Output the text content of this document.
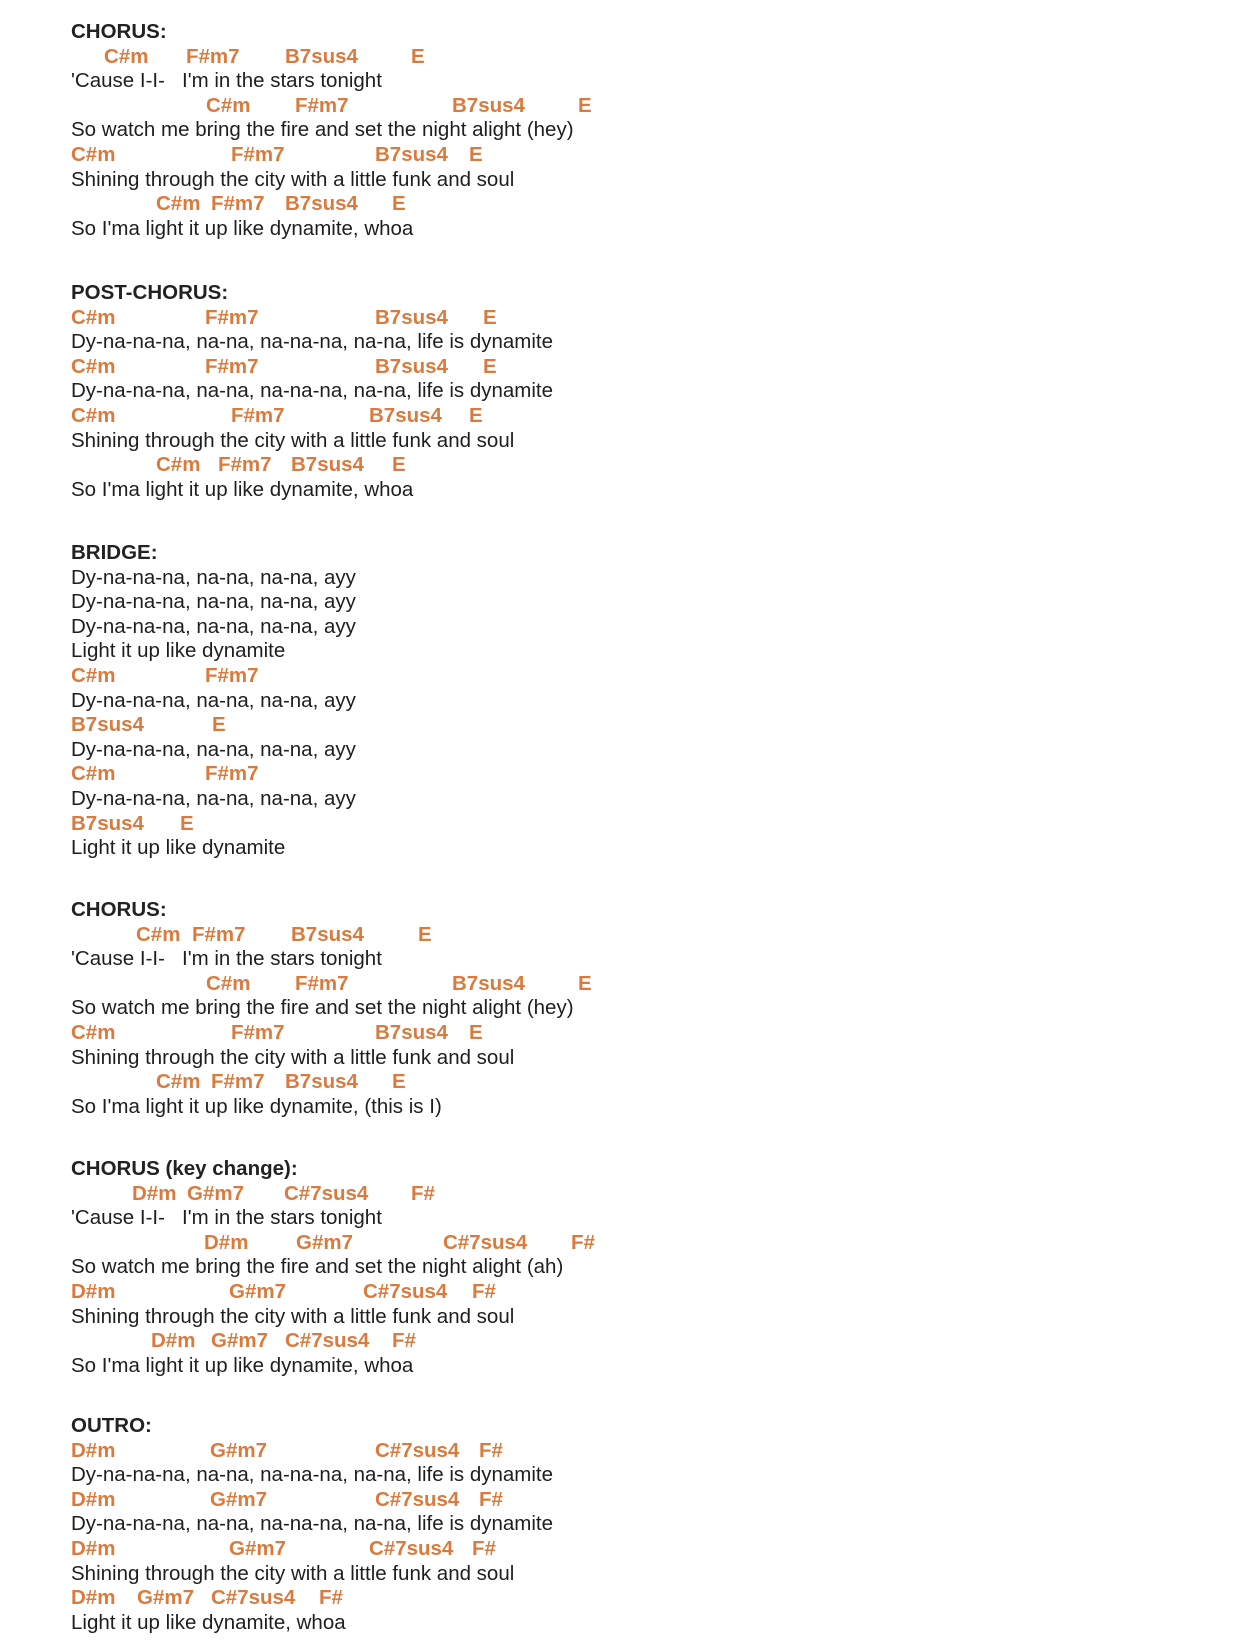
CHORUS:
C#m F#m7 B7sus4	E
'Cause I-I-   I'm in the stars tonight
C#m F#m7	B7sus4	E
So watch me bring the fire and set the night alight (hey)
C#m	F#m7	B7sus4 E
Shining through the city with a little funk and soul
C#m F#m7 B7sus4 E
So I'ma light it up like dynamite, whoa
POST-CHORUS:
C#m	F#m7	B7sus4 E
Dy-na-na-na, na-na, na-na-na, na-na, life is dynamite
C#m	F#m7	B7sus4 E
Dy-na-na-na, na-na, na-na-na, na-na, life is dynamite
C#m	F#m7	B7sus4 E
Shining through the city with a little funk and soul
C#m F#m7 B7sus4 E
So I'ma light it up like dynamite, whoa
BRIDGE:
Dy-na-na-na, na-na, na-na, ayy
Dy-na-na-na, na-na, na-na, ayy
Dy-na-na-na, na-na, na-na, ayy
Light it up like dynamite
C#m	F#m7
Dy-na-na-na, na-na, na-na, ayy
B7sus4	E
Dy-na-na-na, na-na, na-na, ayy
C#m	F#m7
Dy-na-na-na, na-na, na-na, ayy
B7sus4 E
Light it up like dynamite
CHORUS:
C#m F#m7 B7sus4	E
'Cause I-I-   I'm in the stars tonight
C#m F#m7	B7sus4	E
So watch me bring the fire and set the night alight (hey)
C#m	F#m7	B7sus4 E
Shining through the city with a little funk and soul
C#m F#m7 B7sus4 E
So I'ma light it up like dynamite, (this is I)
CHORUS (key change):
D#m G#m7 C#7sus4 F#
'Cause I-I-   I'm in the stars tonight
D#m G#m7	C#7sus4 F#
So watch me bring the fire and set the night alight (ah)
D#m	G#m7	C#7sus4 F#
Shining through the city with a little funk and soul
D#m G#m7 C#7sus4 F#
So I'ma light it up like dynamite, whoa
OUTRO:
D#m	G#m7	C#7sus4 F#
Dy-na-na-na, na-na, na-na-na, na-na, life is dynamite
D#m	G#m7	C#7sus4 F#
Dy-na-na-na, na-na, na-na-na, na-na, life is dynamite
D#m	G#m7	C#7sus4 F#
Shining through the city with a little funk and soul
D#m G#m7 C#7sus4 F#
Light it up like dynamite, whoa
